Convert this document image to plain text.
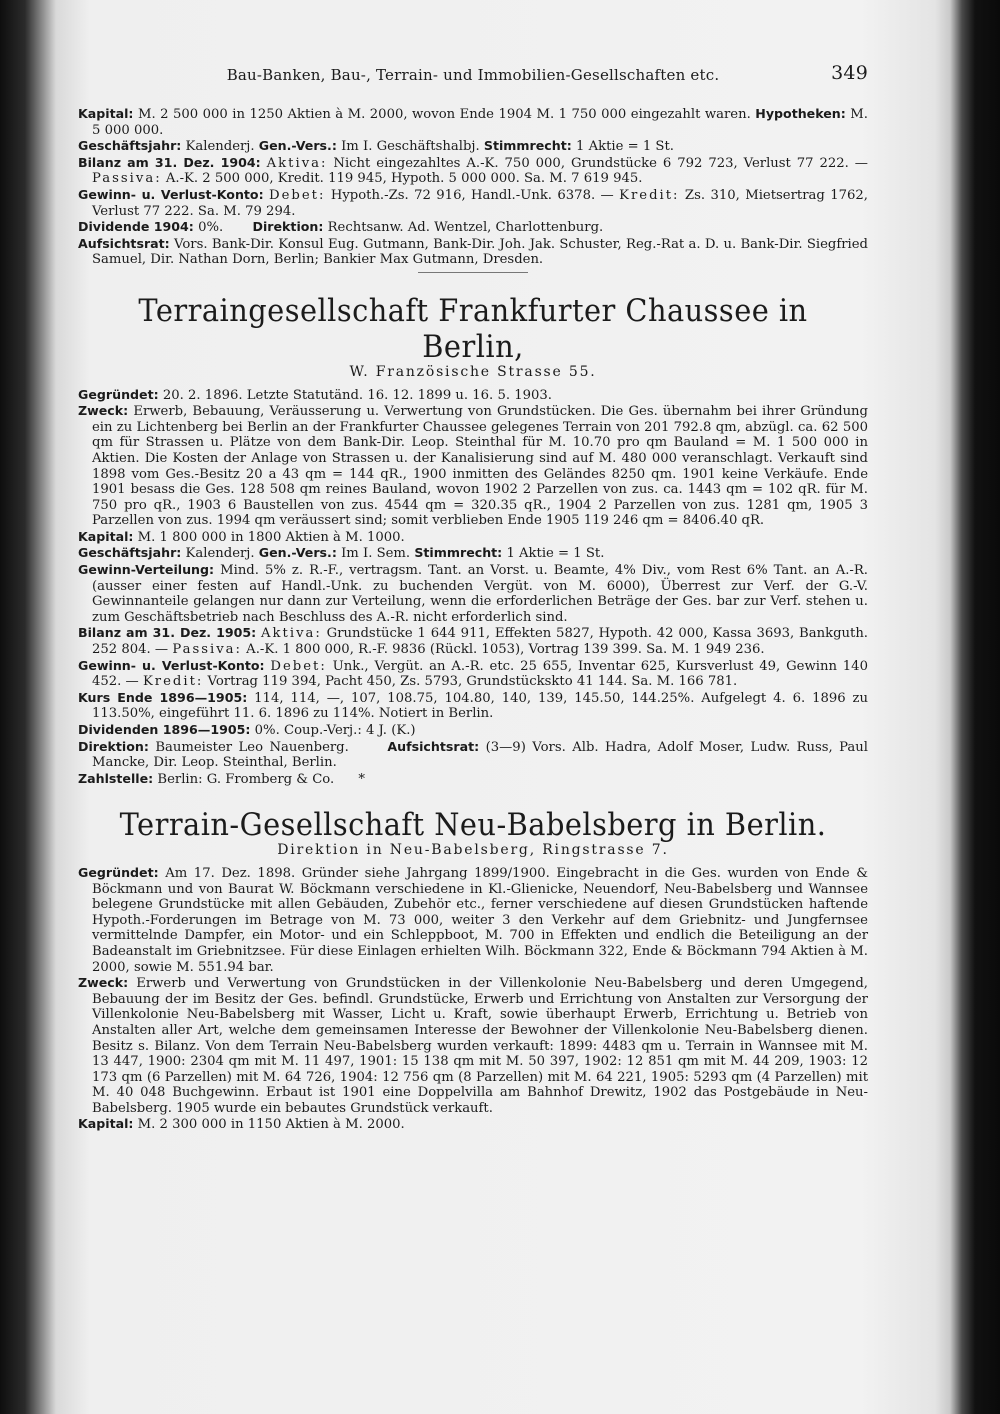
Bau-Banken, Bau-, Terrain- und Immobilien-Gesellschaften etc.	349

Kapital: M. 2 500 000 in 1250 Aktien à M. 2000, wovon Ende 1904 M. 1 750 000 eingezahlt waren. Hypotheken: M. 5 000 000.

Geschäftsjahr: Kalenderj. Gen.-Vers.: Im I. Geschäftshalbj. Stimmrecht: 1 Aktie = 1 St.

Bilanz am 31. Dez. 1904: Aktiva: Nicht eingezahltes A.-K. 750 000, Grundstücke 6 792 723, Verlust 77 222. — Passiva: A.-K. 2 500 000, Kredit. 119 945, Hypoth. 5 000 000. Sa. M. 7 619 945.

Gewinn- u. Verlust-Konto: Debet: Hypoth.-Zs. 72 916, Handl.-Unk. 6378. — Kredit: Zs. 310, Mietsertrag 1762, Verlust 77 222. Sa. M. 79 294.

Dividende 1904: 0%. Direktion: Rechtsanw. Ad. Wentzel, Charlottenburg.

Aufsichtsrat: Vors. Bank-Dir. Konsul Eug. Gutmann, Bank-Dir. Joh. Jak. Schuster, Reg.-Rat a. D. u. Bank-Dir. Siegfried Samuel, Dir. Nathan Dorn, Berlin; Bankier Max Gutmann, Dresden.

Terraingesellschaft Frankfurter Chaussee in Berlin,
W. Französische Strasse 55.

Gegründet: 20. 2. 1896. Letzte Statutänd. 16. 12. 1899 u. 16. 5. 1903.

Zweck: Erwerb, Bebauung, Veräusserung u. Verwertung von Grundstücken. Die Ges. übernahm bei ihrer Gründung ein zu Lichtenberg bei Berlin an der Frankfurter Chaussee gelegenes Terrain von 201 792.8 qm, abzügl. ca. 62 500 qm für Strassen u. Plätze von dem Bank-Dir. Leop. Steinthal für M. 10.70 pro qm Bauland = M. 1 500 000 in Aktien. Die Kosten der Anlage von Strassen u. der Kanalisierung sind auf M. 480 000 veranschlagt. Verkauft sind 1898 vom Ges.-Besitz 20 a 43 qm = 144 qR., 1900 inmitten des Geländes 8250 qm. 1901 keine Verkäufe. Ende 1901 besass die Ges. 128 508 qm reines Bauland, wovon 1902 2 Parzellen von zus. ca. 1443 qm = 102 qR. für M. 750 pro qR., 1903 6 Baustellen von zus. 4544 qm = 320.35 qR., 1904 2 Parzellen von zus. 1281 qm, 1905 3 Parzellen von zus. 1994 qm veräussert sind; somit verblieben Ende 1905 119 246 qm = 8406.40 qR.

Kapital: M. 1 800 000 in 1800 Aktien à M. 1000.

Geschäftsjahr: Kalenderj. Gen.-Vers.: Im I. Sem. Stimmrecht: 1 Aktie = 1 St.

Gewinn-Verteilung: Mind. 5% z. R.-F., vertragsm. Tant. an Vorst. u. Beamte, 4% Div., vom Rest 6% Tant. an A.-R. (ausser einer festen auf Handl.-Unk. zu buchenden Vergüt. von M. 6000), Überrest zur Verf. der G.-V. Gewinnanteile gelangen nur dann zur Verteilung, wenn die erforderlichen Beträge der Ges. bar zur Verf. stehen u. zum Geschäftsbetrieb nach Beschluss des A.-R. nicht erforderlich sind.

Bilanz am 31. Dez. 1905: Aktiva: Grundstücke 1 644 911, Effekten 5827, Hypoth. 42 000, Kassa 3693, Bankguth. 252 804. — Passiva: A.-K. 1 800 000, R.-F. 9836 (Rückl. 1053), Vortrag 139 399. Sa. M. 1 949 236.

Gewinn- u. Verlust-Konto: Debet: Unk., Vergüt. an A.-R. etc. 25 655, Inventar 625, Kursverlust 49, Gewinn 140 452. — Kredit: Vortrag 119 394, Pacht 450, Zs. 5793, Grundstückskto 41 144. Sa. M. 166 781.

Kurs Ende 1896—1905: 114, 114, —, 107, 108.75, 104.80, 140, 139, 145.50, 144.25%. Aufgelegt 4. 6. 1896 zu 113.50%, eingeführt 11. 6. 1896 zu 114%. Notiert in Berlin.

Dividenden 1896—1905: 0%. Coup.-Verj.: 4 J. (K.)

Direktion: Baumeister Leo Nauenberg.	Aufsichtsrat: (3—9) Vors. Alb. Hadra, Adolf Moser, Ludw. Russ, Paul Mancke, Dir. Leop. Steinthal, Berlin.

Zahlstelle: Berlin: G. Fromberg & Co. *

Terrain-Gesellschaft Neu-Babelsberg in Berlin.
Direktion in Neu-Babelsberg, Ringstrasse 7.

Gegründet: Am 17. Dez. 1898. Gründer siehe Jahrgang 1899/1900. Eingebracht in die Ges. wurden von Ende & Böckmann und von Baurat W. Böckmann verschiedene in Kl.-Glienicke, Neuendorf, Neu-Babelsberg und Wannsee belegene Grundstücke mit allen Gebäuden, Zubehör etc., ferner verschiedene auf diesen Grundstücken haftende Hypoth.-Forderungen im Betrage von M. 73 000, weiter 3 den Verkehr auf dem Griebnitz- und Jungfernsee vermittelnde Dampfer, ein Motor- und ein Schleppboot, M. 700 in Effekten und endlich die Beteiligung an der Badeanstalt im Griebnitzsee. Für diese Einlagen erhielten Wilh. Böckmann 322, Ende & Böckmann 794 Aktien à M. 2000, sowie M. 551.94 bar.

Zweck: Erwerb und Verwertung von Grundstücken in der Villenkolonie Neu-Babelsberg und deren Umgegend, Bebauung der im Besitz der Ges. befindl. Grundstücke, Erwerb und Errichtung von Anstalten zur Versorgung der Villenkolonie Neu-Babelsberg mit Wasser, Licht u. Kraft, sowie überhaupt Erwerb, Errichtung u. Betrieb von Anstalten aller Art, welche dem gemeinsamen Interesse der Bewohner der Villenkolonie Neu-Babelsberg dienen. Besitz s. Bilanz. Von dem Terrain Neu-Babelsberg wurden verkauft: 1899: 4483 qm u. Terrain in Wannsee mit M. 13 447, 1900: 2304 qm mit M. 11 497, 1901: 15 138 qm mit M. 50 397, 1902: 12 851 qm mit M. 44 209, 1903: 12 173 qm (6 Parzellen) mit M. 64 726, 1904: 12 756 qm (8 Parzellen) mit M. 64 221, 1905: 5293 qm (4 Parzellen) mit M. 40 048 Buchgewinn. Erbaut ist 1901 eine Doppelvilla am Bahnhof Drewitz, 1902 das Postgebäude in Neu-Babelsberg. 1905 wurde ein bebautes Grundstück verkauft.

Kapital: M. 2 300 000 in 1150 Aktien à M. 2000.
